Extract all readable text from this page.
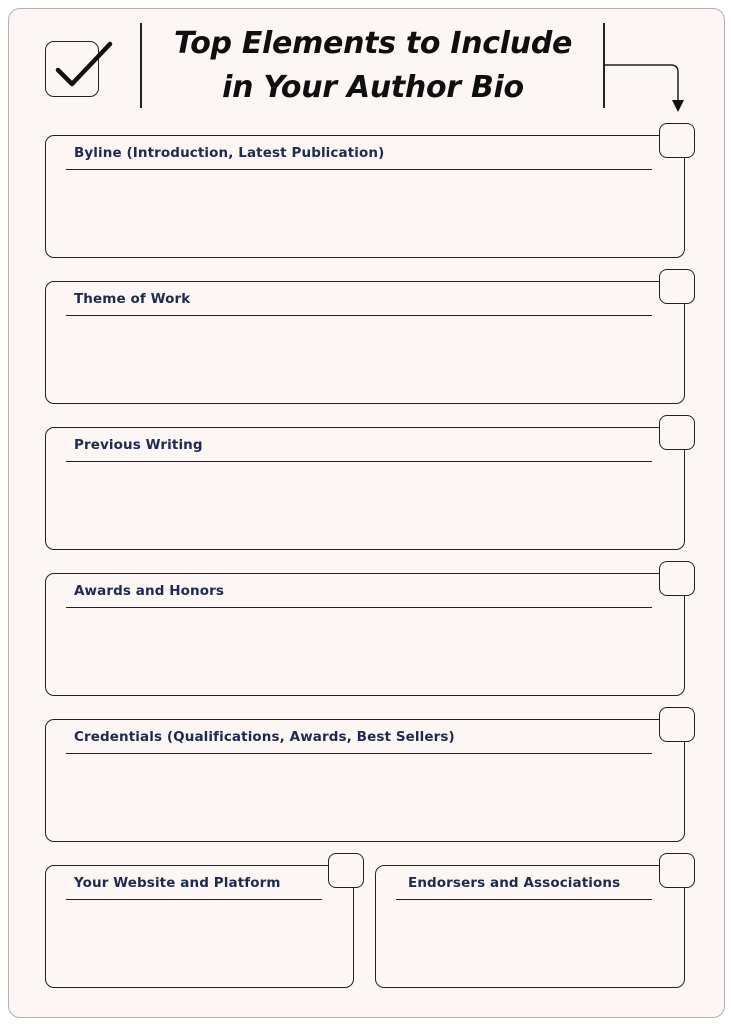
Top Elements to Include
in Your Author Bio
Byline (Introduction, Latest Publication)
Theme of Work
Previous Writing
Awards and Honors
Credentials (Qualifications, Awards, Best Sellers)
Your Website and Platform	Endorsers and Associations
